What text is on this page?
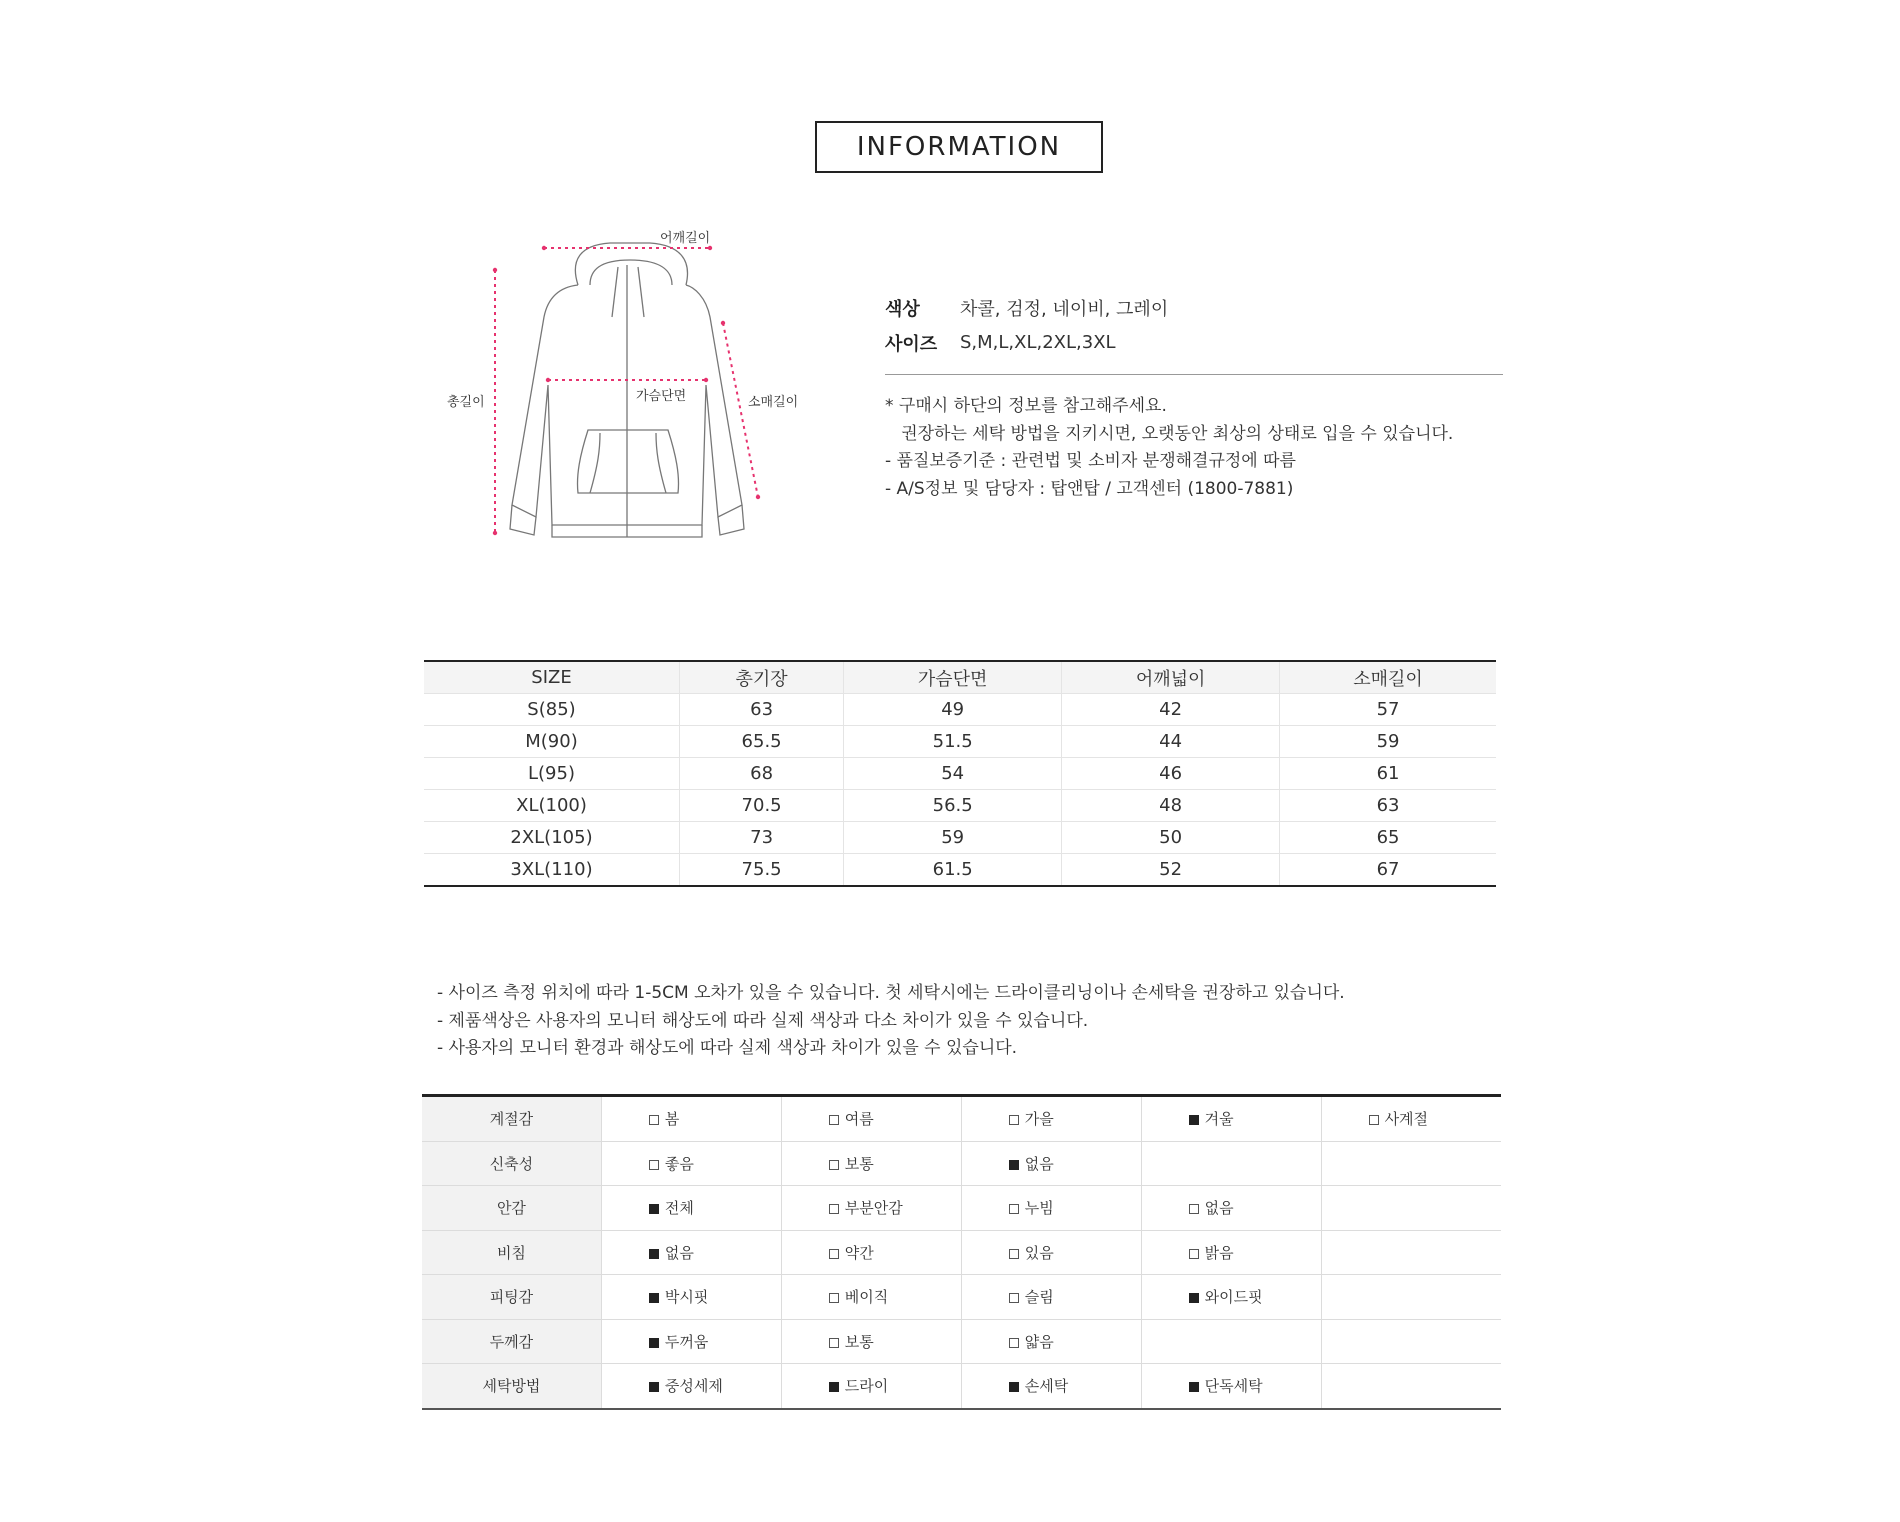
INFORMATION
어깨길이
가슴단면
총길이	소매길이
색상	차콜, 검정, 네이비, 그레이
사이즈	S,M,L,XL,2XL,3XL
* 구매시 하단의 정보를 참고해주세요.
권장하는 세탁 방법을 지키시면, 오랫동안 최상의 상태로 입을 수 있습니다.
- 품질보증기준 : 관련법 및 소비자 분쟁해결규정에 따름
- A/S정보 및 담당자 : 탑앤탑 / 고객센터 (1800-7881)
SIZE	총기장	가슴단면	어깨넓이	소매길이
S(85)	63	49	42	57
M(90)	65.5	51.5	44	59
L(95)	68	54	46	61
XL(100)	70.5	56.5	48	63
2XL(105)	73	59	50	65
3XL(110)	75.5	61.5	52	67
- 사이즈 측정 위치에 따라 1-5CM 오차가 있을 수 있습니다. 첫 세탁시에는 드라이클리닝이나 손세탁을 권장하고 있습니다.
- 제품색상은 사용자의 모니터 해상도에 따라 실제 색상과 다소 차이가 있을 수 있습니다.
- 사용자의 모니터 환경과 해상도에 따라 실제 색상과 차이가 있을 수 있습니다.
계절감	봄	여름	가을	겨울	사계절
신축성	좋음	보통	없음		
안감	전체	부분안감	누빔	없음	
비침	없음	약간	있음	밝음	
피팅감	박시핏	베이직	슬림	와이드핏	
두께감	두꺼움	보통	얇음		
세탁방법	중성세제	드라이	손세탁	단독세탁	
